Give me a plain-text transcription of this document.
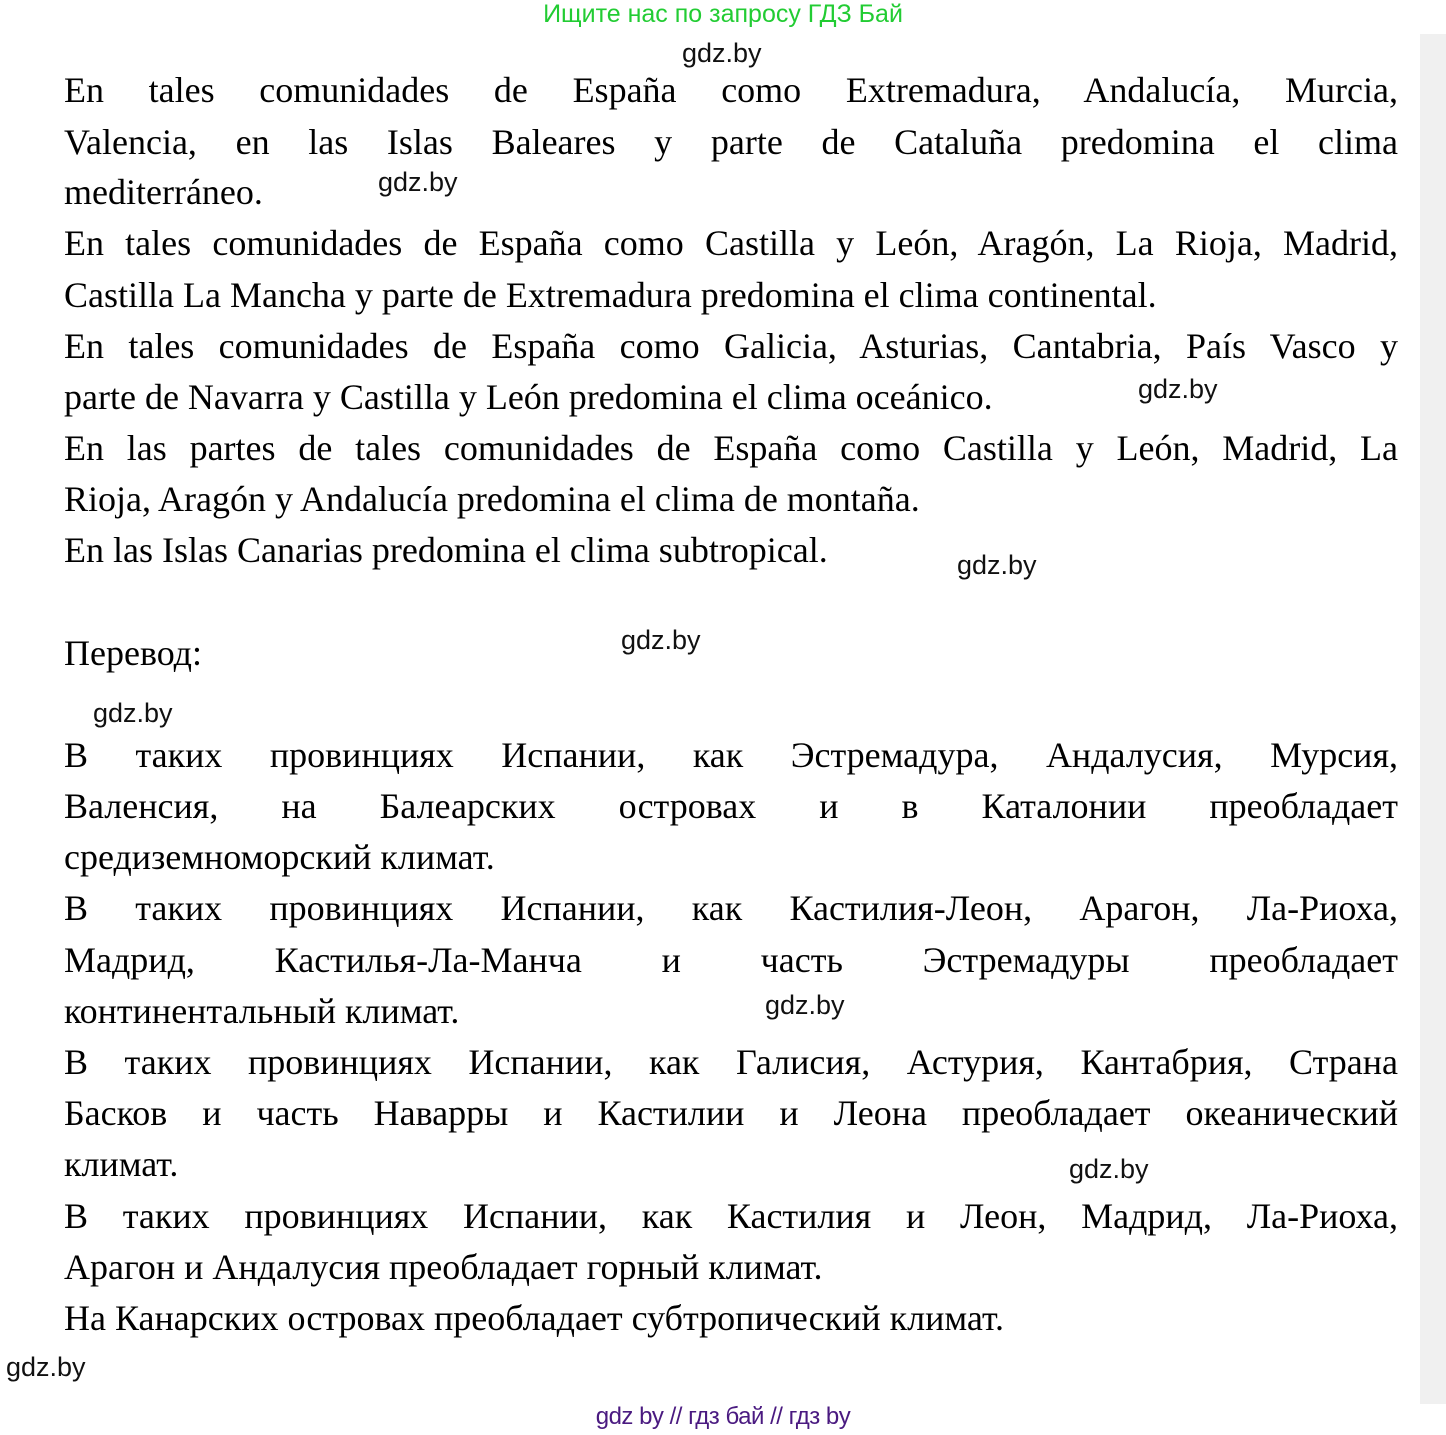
Ищите нас по запросу ГДЗ Бай
En tales comunidades de España como Extremadura, Andalucía, Murcia,
Valencia, en las Islas Baleares y parte de Cataluña predomina el clima
mediterráneo.
En tales comunidades de España como Castilla y León, Aragón, La Rioja, Madrid,
Castilla La Mancha y parte de Extremadura predomina el clima continental.
En tales comunidades de España como Galicia, Asturias, Cantabria, País Vasco y
parte de Navarra y Castilla y León predomina el clima oceánico.
En las partes de tales comunidades de España como Castilla y León, Madrid, La
Rioja, Aragón y Andalucía predomina el clima de montaña.
En las Islas Canarias predomina el clima subtropical.
Перевод:
В таких провинциях Испании, как Эстремадура, Андалусия, Мурсия,
Валенсия, на Балеарских островах и в Каталонии преобладает
средиземноморский климат.
В таких провинциях Испании, как Кастилия-Леон, Арагон, Ла-Риоха,
Мадрид, Кастилья-Ла-Манча и часть Эстремадуры преобладает
континентальный климат.
В таких провинциях Испании, как Галисия, Астурия, Кантабрия, Страна
Басков и часть Наварры и Кастилии и Леона преобладает океанический
климат.
В таких провинциях Испании, как Кастилия и Леон, Мадрид, Ла-Риоха,
Арагон и Андалусия преобладает горный климат.
На Канарских островах преобладает субтропический климат.
gdz.by
gdz.by
gdz.by
gdz.by
gdz.by
gdz.by
gdz.by
gdz.by
gdz.by
gdz by // гдз бай // гдз by
